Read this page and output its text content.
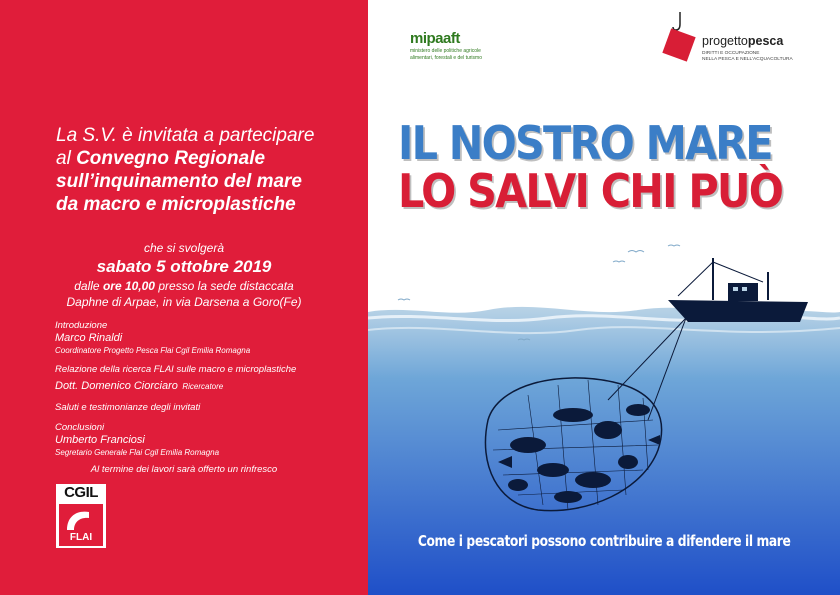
La S.V. è invitata a partecipare
al Convegno Regionale
sull’inquinamento del mare
da macro e microplastiche
che si svolgerà
sabato 5 ottobre 2019
dalle ore 10,00 presso la sede distaccata
Daphne di Arpae, in via Darsena a Goro(Fe)
Introduzione
Marco Rinaldi
Coordinatore Progetto Pesca Flai Cgil Emilia Romagna
Relazione della ricerca FLAI sulle macro e microplastiche
Dott. Domenico Ciorciaro Ricercatore
Saluti e testimonianze degli invitati
Conclusioni
Umberto Franciosi
Segretario Generale Flai Cgil Emilia Romagna
Al termine dei lavori sarà offerto un rinfresco
CGIL
FLAI
mipaaft
ministero delle politiche agricole
alimentari, forestali e del turismo
progettopesca
DIRITTI E OCCUPAZIONE
NELLA PESCA E NELL'ACQUACOLTURA
IL NOSTRO MARE
LO SALVI CHI PUÒ
Come i pescatori possono contribuire a difendere il mare
